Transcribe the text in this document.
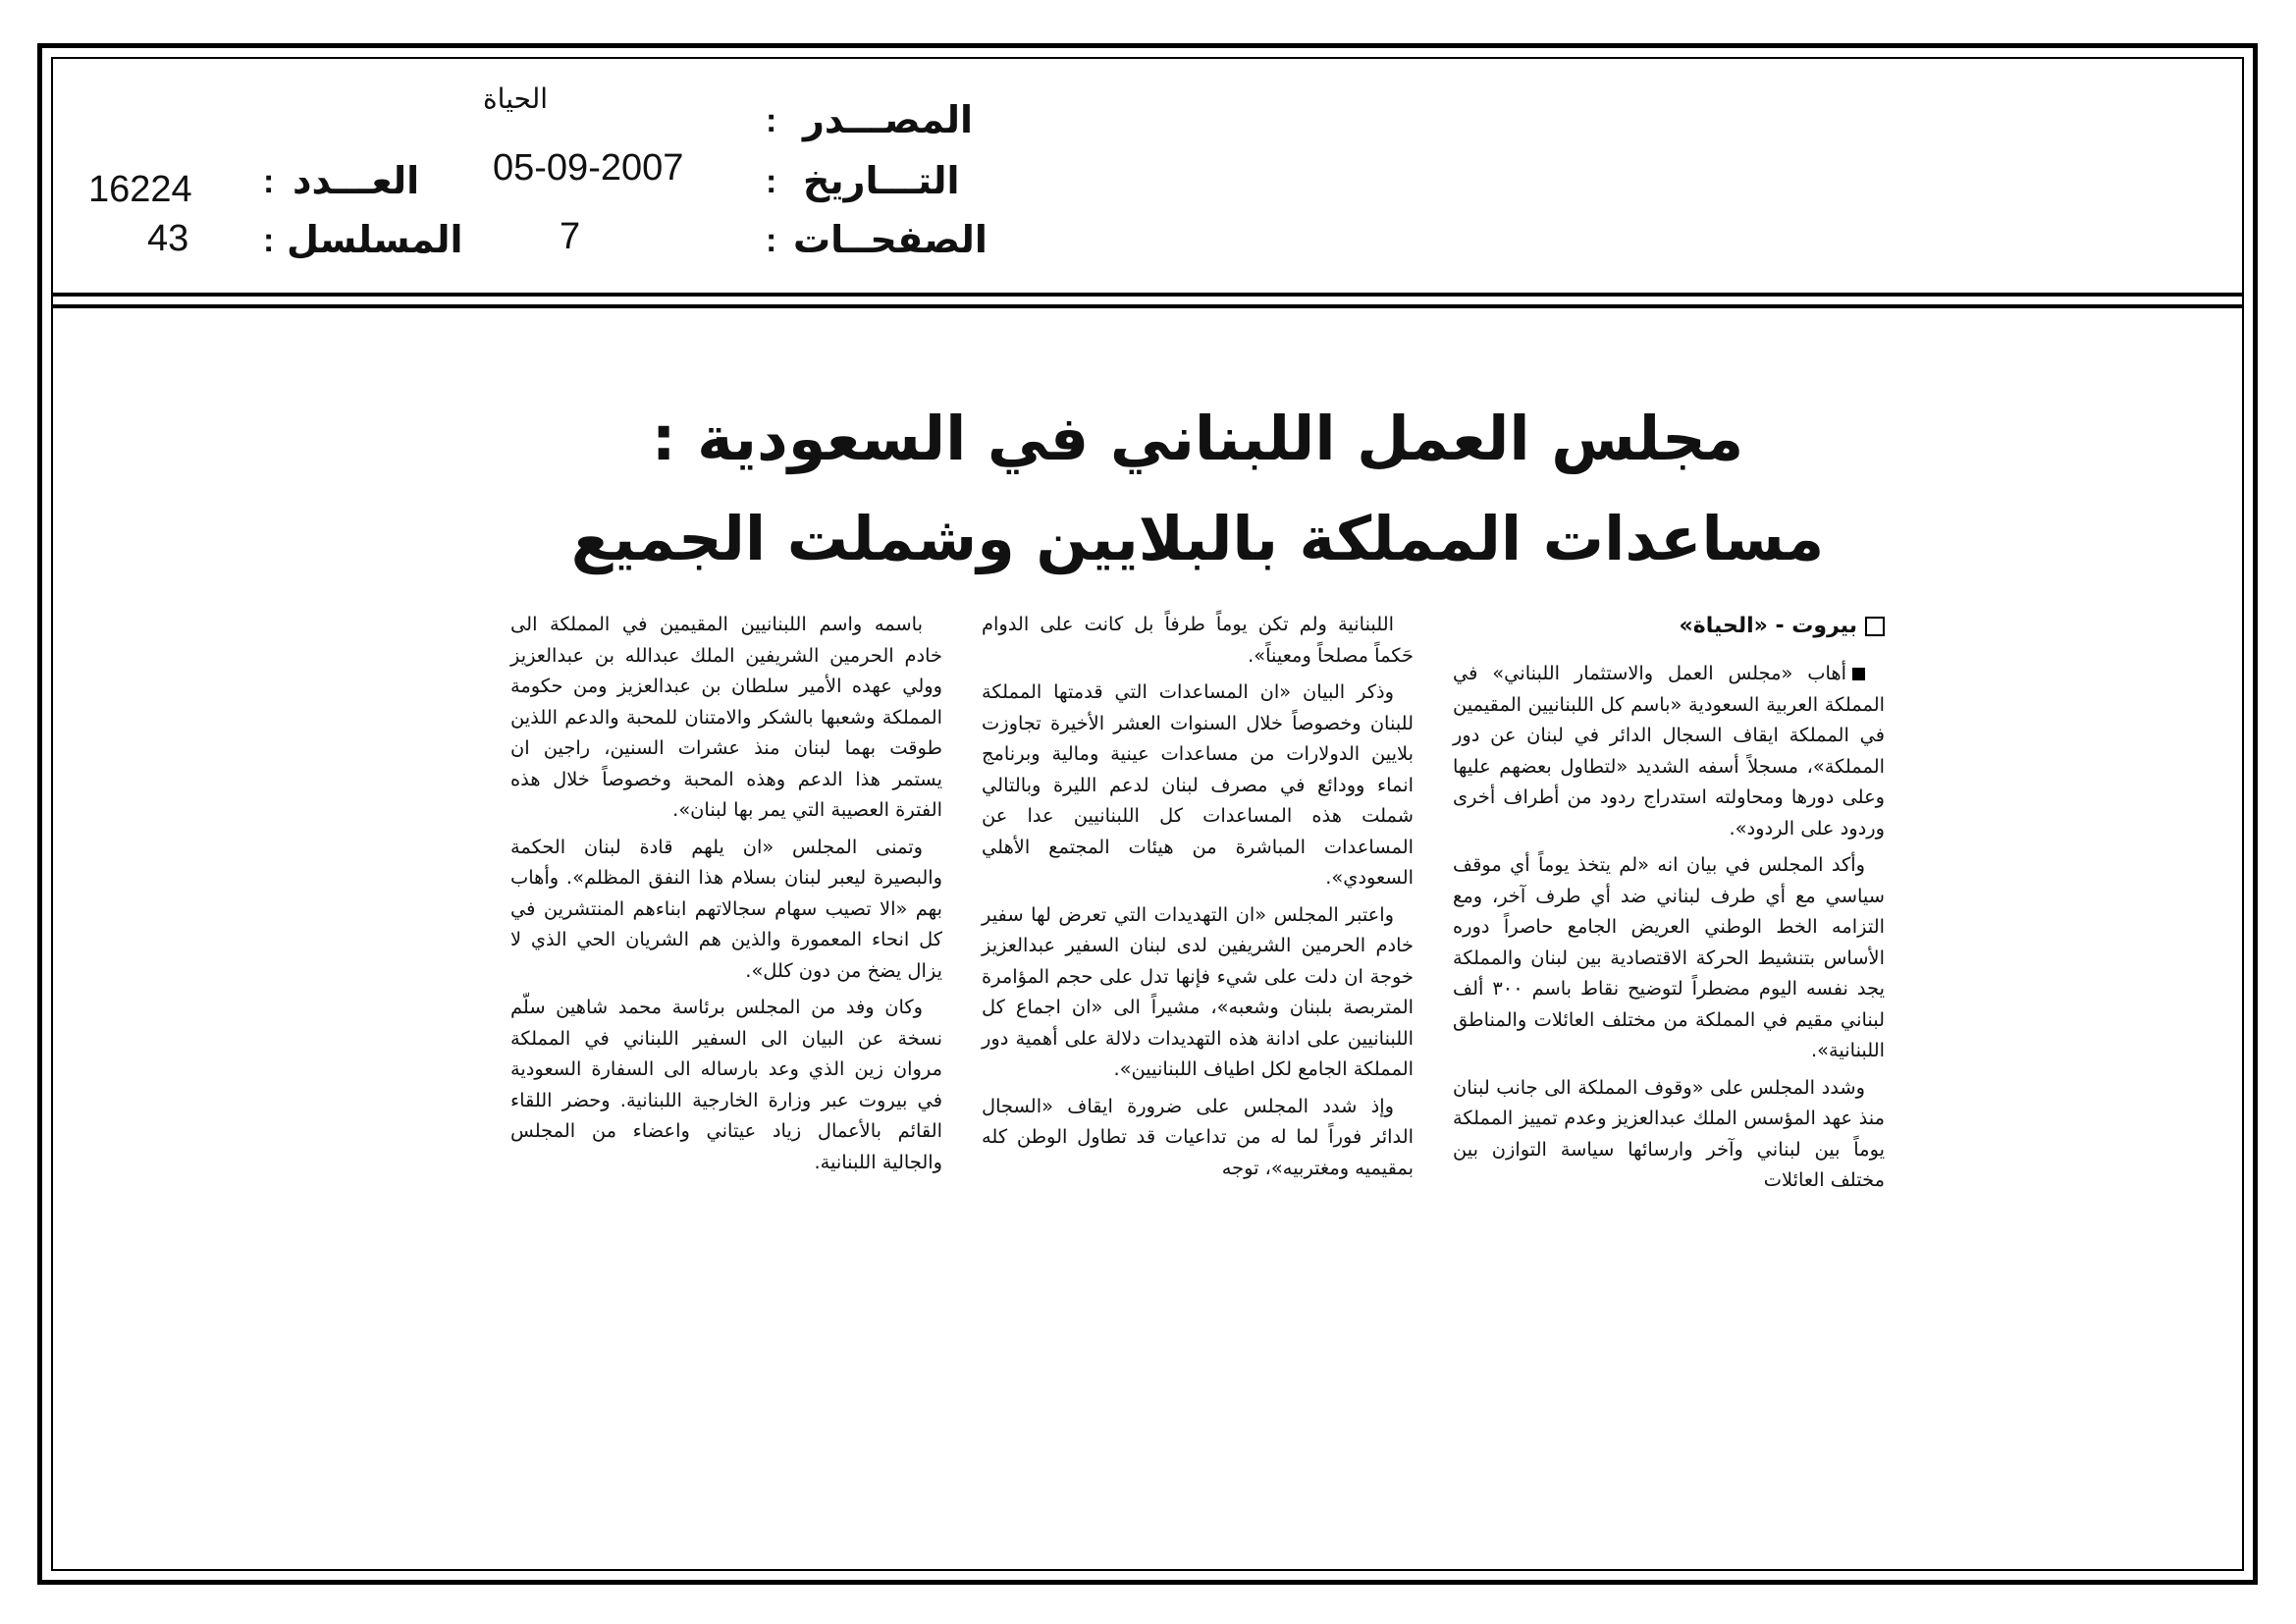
المصـــدر
:
الحياة
التـــاريخ
:
05-09-2007
الصفحــات
:
7
العـــدد
:
16224
المسلسل
:
43
مجلس العمل اللبناني في السعودية :
مساعدات المملكة بالبلايين وشملت الجميع
بيروت - «الحياة»

أهاب «مجلس العمل والاستثمار اللبناني» في المملكة العربية السعودية «باسم كل اللبنانيين المقيمين في المملكة ايقاف السجال الدائر في لبنان عن دور المملكة»، مسجلاً أسفه الشديد «لتطاول بعضهم عليها وعلى دورها ومحاولته استدراج ردود من أطراف أخرى وردود على الردود».

وأكد المجلس في بيان انه «لم يتخذ يوماً أي موقف سياسي مع أي طرف لبناني ضد أي طرف آخر، ومع التزامه الخط الوطني العريض الجامع حاصراً دوره الأساس بتنشيط الحركة الاقتصادية بين لبنان والمملكة يجد نفسه اليوم مضطراً لتوضيح نقاط باسم ٣٠٠ ألف لبناني مقيم في المملكة من مختلف العائلات والمناطق اللبنانية».

وشدد المجلس على «وقوف المملكة الى جانب لبنان منذ عهد المؤسس الملك عبدالعزيز وعدم تمييز المملكة يوماً بين لبناني وآخر وارسائها سياسة التوازن بين مختلف العائلات

اللبنانية ولم تكن يوماً طرفاً بل كانت على الدوام حَكماً مصلحاً ومعيناً».

وذكر البيان «ان المساعدات التي قدمتها المملكة للبنان وخصوصاً خلال السنوات العشر الأخيرة تجاوزت بلايين الدولارات من مساعدات عينية ومالية وبرنامج انماء وودائع في مصرف لبنان لدعم الليرة وبالتالي شملت هذه المساعدات كل اللبنانيين عدا عن المساعدات المباشرة من هيئات المجتمع الأهلي السعودي».

واعتبر المجلس «ان التهديدات التي تعرض لها سفير خادم الحرمين الشريفين لدى لبنان السفير عبدالعزيز خوجة ان دلت على شيء فإنها تدل على حجم المؤامرة المتربصة بلبنان وشعبه»، مشيراً الى «ان اجماع كل اللبنانيين على ادانة هذه التهديدات دلالة على أهمية دور المملكة الجامع لكل اطياف اللبنانيين».

وإذ شدد المجلس على ضرورة ايقاف «السجال الدائر فوراً لما له من تداعيات قد تطاول الوطن كله بمقيميه ومغتربيه»، توجه

باسمه واسم اللبنانيين المقيمين في المملكة الى خادم الحرمين الشريفين الملك عبدالله بن عبدالعزيز وولي عهده الأمير سلطان بن عبدالعزيز ومن حكومة المملكة وشعبها بالشكر والامتنان للمحبة والدعم اللذين طوقت بهما لبنان منذ عشرات السنين، راجين ان يستمر هذا الدعم وهذه المحبة وخصوصاً خلال هذه الفترة العصيبة التي يمر بها لبنان».

وتمنى المجلس «ان يلهم قادة لبنان الحكمة والبصيرة ليعبر لبنان بسلام هذا النفق المظلم». وأهاب بهم «الا تصيب سهام سجالاتهم ابناءهم المنتشرين في كل انحاء المعمورة والذين هم الشريان الحي الذي لا يزال يضخ من دون كلل».

وكان وفد من المجلس برئاسة محمد شاهين سلّم نسخة عن البيان الى السفير اللبناني في المملكة مروان زين الذي وعد بارساله الى السفارة السعودية في بيروت عبر وزارة الخارجية اللبنانية. وحضر اللقاء القائم بالأعمال زياد عيتاني واعضاء من المجلس والجالية اللبنانية.
